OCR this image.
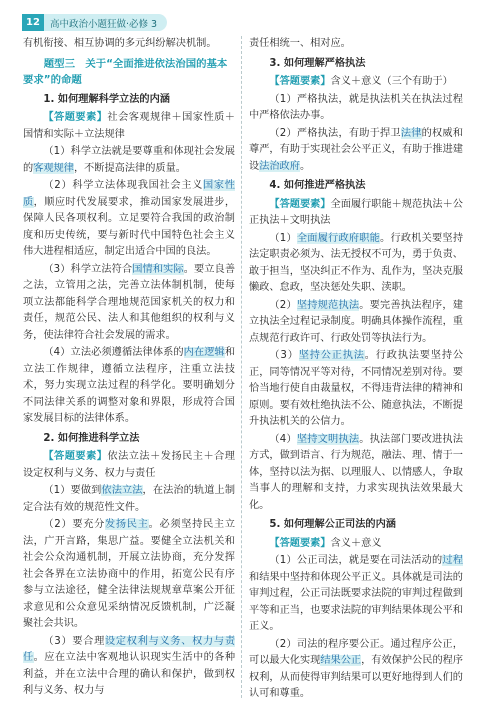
12	高中政治小题狂做·必修 3

有机衔接、相互协调的多元纠纷解决机制。

题型三　关于“全面推进依法治国的基本要求”的命题

1. 如何理解科学立法的内涵

【答题要素】社会客观规律＋国家性质＋国情和实际＋立法规律

（1）科学立法就是要尊重和体现社会发展的客观规律，不断提高法律的质量。

（2）科学立法体现我国社会主义国家性质，顺应时代发展要求，推动国家发展进步，保障人民各项权利。立足要符合我国的政治制度和历史传统，要与新时代中国特色社会主义伟大进程相适应，制定出适合中国的良法。

（3）科学立法符合国情和实际。要立良善之法，立管用之法，完善立法体制机制，使每项立法都能科学合理地规范国家机关的权力和责任，规范公民、法人和其他组织的权利与义务，使法律符合社会发展的需求。

（4）立法必须遵循法律体系的内在逻辑和立法工作规律，遵循立法程序，注重立法技术，努力实现立法过程的科学化。要明确划分不同法律关系的调整对象和界限，形成符合国家发展目标的法律体系。

2. 如何推进科学立法

【答题要素】依法立法＋发扬民主＋合理设定权利与义务、权力与责任

（1）要做到依法立法，在法治的轨道上制定合法有效的规范性文件。

（2）要充分发扬民主。必须坚持民主立法，广开言路，集思广益。要健全立法机关和社会公众沟通机制，开展立法协商，充分发挥社会各界在立法协商中的作用，拓宽公民有序参与立法途径，健全法律法规规章草案公开征求意见和公众意见采纳情况反馈机制，广泛凝聚社会共识。

（3）要合理设定权利与义务、权力与责任。应在立法中客观地认识现实生活中的各种利益，并在立法中合理的确认和保护，做到权利与义务、权力与

责任相统一、相对应。

3. 如何理解严格执法

【答题要素】含义＋意义（三个有助于）

（1）严格执法，就是执法机关在执法过程中严格依法办事。

（2）严格执法，有助于捍卫法律的权威和尊严，有助于实现社会公平正义，有助于推进建设法治政府。

4. 如何推进严格执法

【答题要素】全面履行职能＋规范执法＋公正执法＋文明执法

（1）全面履行政府职能。行政机关要坚持法定职责必须为、法无授权不可为，勇于负责、敢于担当，坚决纠正不作为、乱作为，坚决克服懒政、怠政，坚决惩处失职、渎职。

（2）坚持规范执法。要完善执法程序，建立执法全过程记录制度。明确具体操作流程，重点规范行政许可、行政处罚等执法行为。

（3）坚持公正执法。行政执法要坚持公正，同等情况平等对待，不同情况差别对待。要恰当地行使自由裁量权，不得违背法律的精神和原则。要有效杜绝执法不公、随意执法，不断提升执法机关的公信力。

（4）坚持文明执法。执法部门要改进执法方式，做到语言、行为规范，融法、理、情于一体，坚持以法为据、以理服人、以情感人，争取当事人的理解和支持，力求实现执法效果最大化。

5. 如何理解公正司法的内涵

【答题要素】含义＋意义

（1）公正司法，就是要在司法活动的过程和结果中坚持和体现公平正义。具体就是司法的审判过程，公正司法既要求法院的审判过程做到平等和正当，也要求法院的审判结果体现公平和正义。

（2）司法的程序要公正。通过程序公正，可以最大化实现结果公正，有效保护公民的程序权利，从而使得审判结果可以更好地得到人们的认可和尊重。
